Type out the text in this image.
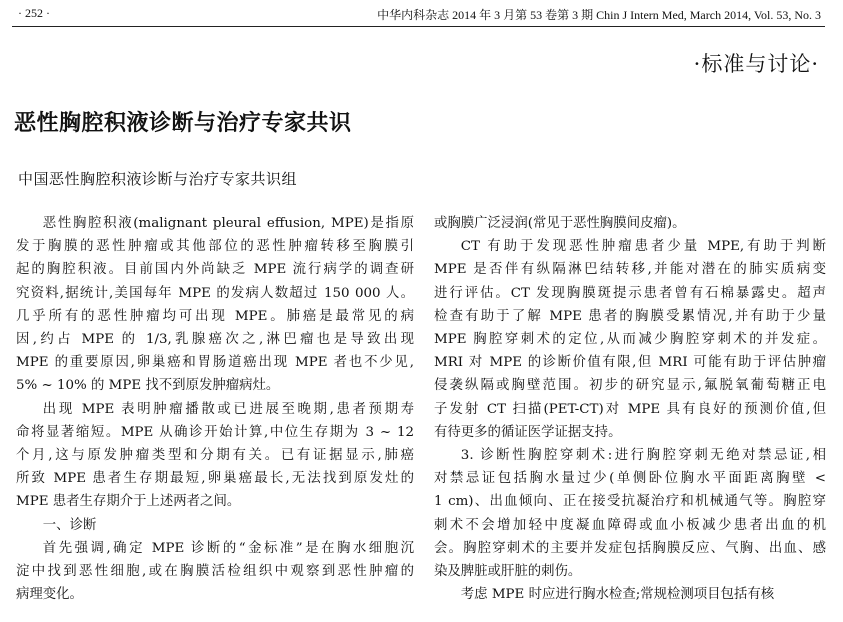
· 252 ·	中华内科杂志 2014 年 3 月第 53 卷第 3 期 Chin J Intern Med, March 2014, Vol. 53, No. 3
·标准与讨论·
恶性胸腔积液诊断与治疗专家共识
中国恶性胸腔积液诊断与治疗专家共识组

恶性胸腔积液(malignant pleural effusion, MPE)是指原
发于胸膜的恶性肿瘤或其他部位的恶性肿瘤转移至胸膜引
起的胸腔积液。目前国内外尚缺乏 MPE 流行病学的调查研
究资料,据统计,美国每年 MPE 的发病人数超过 150 000 人。
几乎所有的恶性肿瘤均可出现 MPE。肺癌是最常见的病
因,约占 MPE 的 1/3,乳腺癌次之,淋巴瘤也是导致出现
MPE 的重要原因,卵巢癌和胃肠道癌出现 MPE 者也不少见,
5% ~ 10% 的 MPE 找不到原发肿瘤病灶。

出现 MPE 表明肿瘤播散或已进展至晚期,患者预期寿
命将显著缩短。MPE 从确诊开始计算,中位生存期为 3 ~ 12
个月,这与原发肿瘤类型和分期有关。已有证据显示,肺癌
所致 MPE 患者生存期最短,卵巢癌最长,无法找到原发灶的
MPE 患者生存期介于上述两者之间。

一、诊断

首先强调,确定 MPE 诊断的“金标准”是在胸水细胞沉
淀中找到恶性细胞,或在胸膜活检组织中观察到恶性肿瘤的
病理变化。

或胸膜广泛浸润(常见于恶性胸膜间皮瘤)。

CT 有助于发现恶性肿瘤患者少量 MPE,有助于判断
MPE 是否伴有纵隔淋巴结转移,并能对潜在的肺实质病变
进行评估。CT 发现胸膜斑提示患者曾有石棉暴露史。超声
检查有助于了解 MPE 患者的胸膜受累情况,并有助于少量
MPE 胸腔穿刺术的定位,从而减少胸腔穿刺术的并发症。
MRI 对 MPE 的诊断价值有限,但 MRI 可能有助于评估肿瘤
侵袭纵隔或胸壁范围。初步的研究显示,氟脱氧葡萄糖正电
子发射 CT 扫描(PET-CT)对 MPE 具有良好的预测价值,但
有待更多的循证医学证据支持。

3. 诊断性胸腔穿刺术:进行胸腔穿刺无绝对禁忌证,相
对禁忌证包括胸水量过少(单侧卧位胸水平面距离胸壁 <
1 cm)、出血倾向、正在接受抗凝治疗和机械通气等。胸腔穿
刺术不会增加轻中度凝血障碍或血小板减少患者出血的机
会。胸腔穿刺术的主要并发症包括胸膜反应、气胸、出血、感
染及脾脏或肝脏的刺伤。

考虑 MPE 时应进行胸水检查;常规检测项目包括有核
